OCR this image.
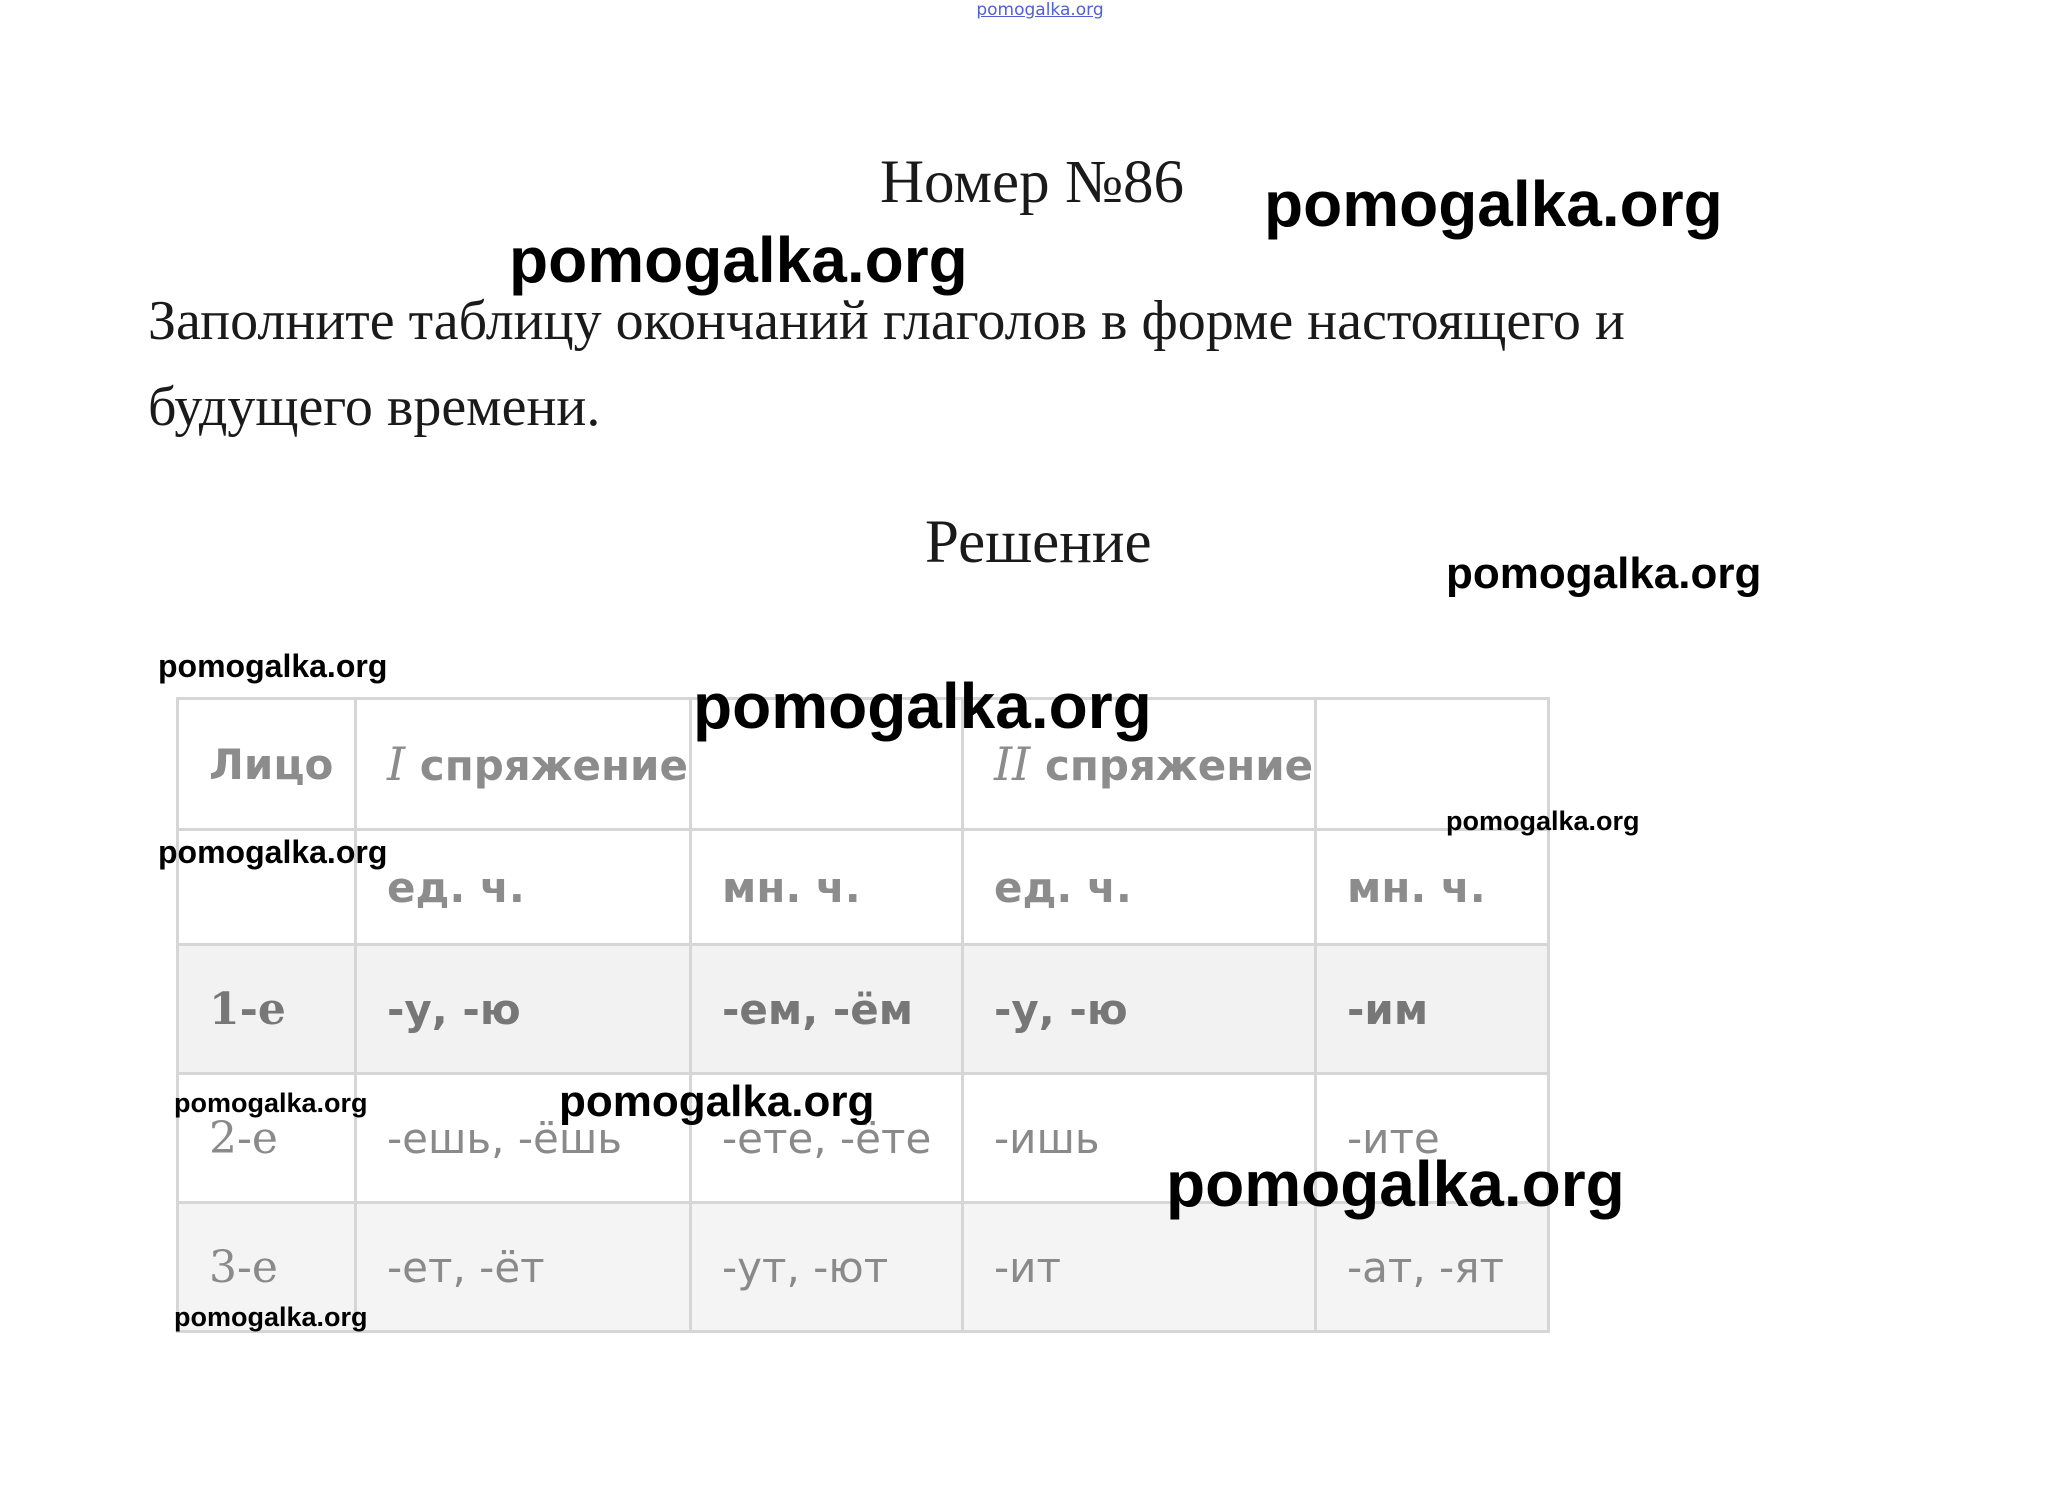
pomogalka.org
Номер №86
Заполните таблицу окончаний глаголов в форме настоящего и будущего времени.
Решение
Лицо	I спряжение		II спряжение	
	ед. ч.	мн. ч.	ед. ч.	мн. ч.
1-е	-у, -ю	-ем, -ём	-у, -ю	-им
2-е	-ешь, -ёшь	-ете, -ёте	-ишь	-ите
3-е	-ет, -ёт	-ут, -ют	-ит	-ат, -ят
pomogalka.org
pomogalka.org
pomogalka.org
pomogalka.org
pomogalka.org
pomogalka.org
pomogalka.org
pomogalka.org	pomogalka.org
pomogalka.org
pomogalka.org
